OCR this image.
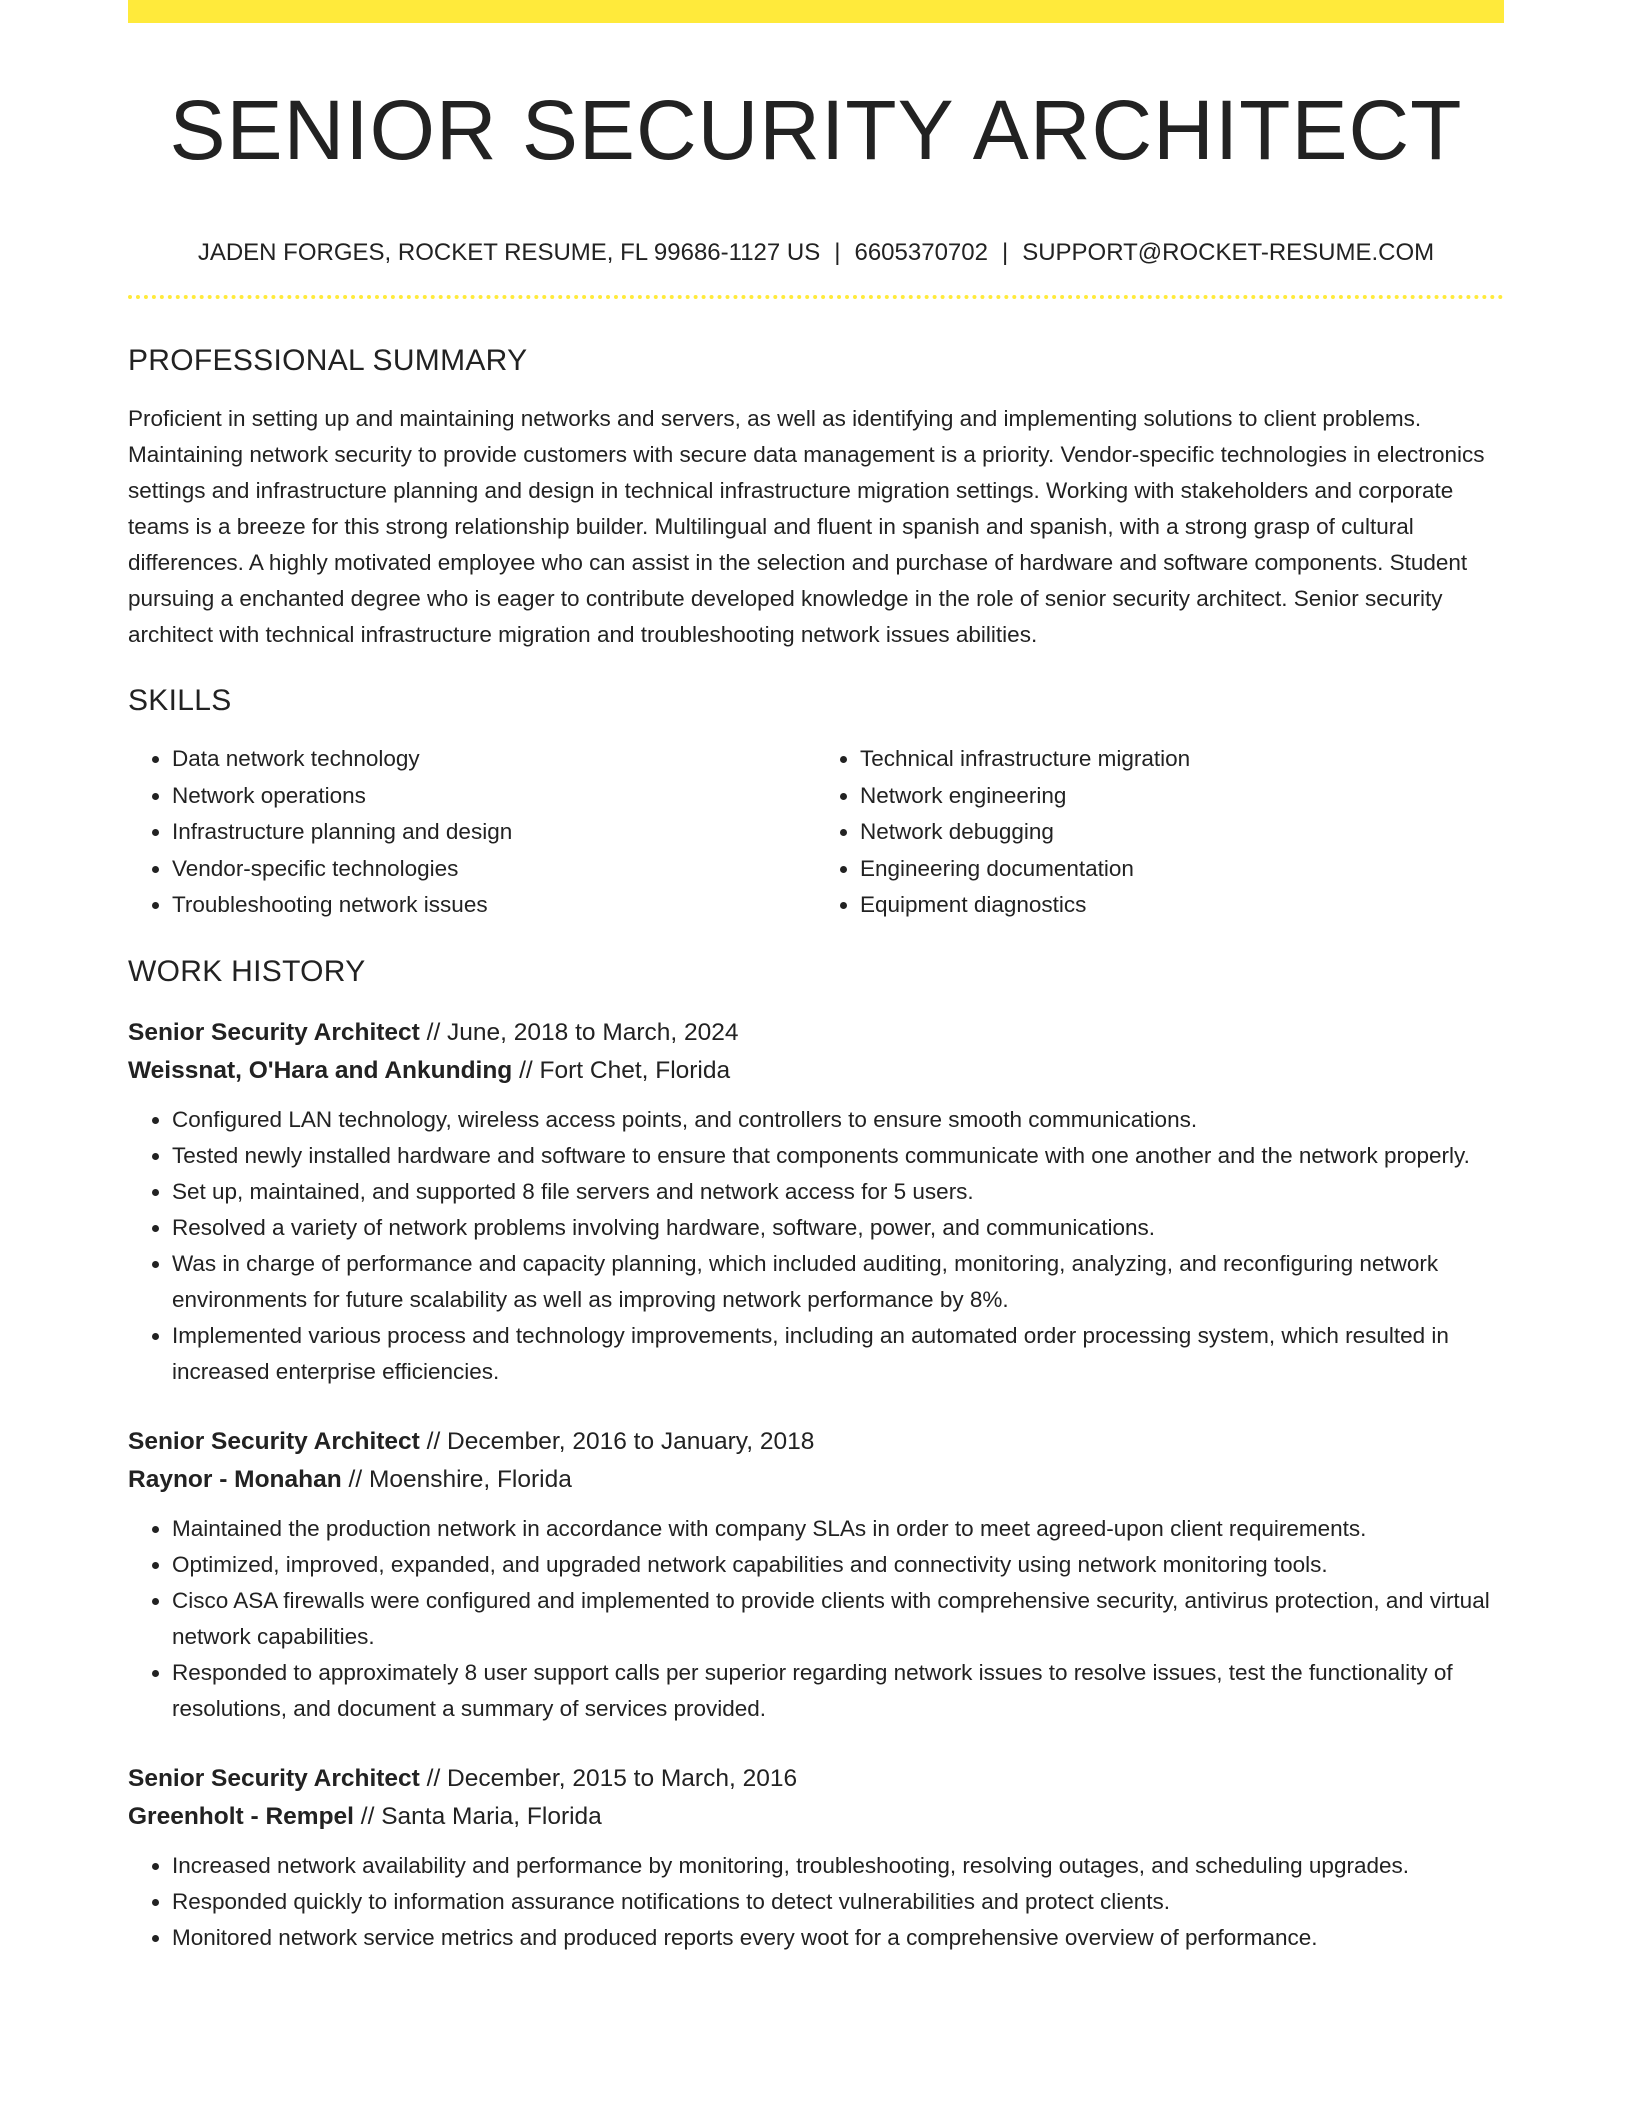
SENIOR SECURITY ARCHITECT
JADEN FORGES, ROCKET RESUME, FL 99686-1127 US | 6605370702 | SUPPORT@ROCKET-RESUME.COM
PROFESSIONAL SUMMARY
Proficient in setting up and maintaining networks and servers, as well as identifying and implementing solutions to client problems. Maintaining network security to provide customers with secure data management is a priority. Vendor-specific technologies in electronics settings and infrastructure planning and design in technical infrastructure migration settings. Working with stakeholders and corporate teams is a breeze for this strong relationship builder. Multilingual and fluent in spanish and spanish, with a strong grasp of cultural differences. A highly motivated employee who can assist in the selection and purchase of hardware and software components. Student pursuing a enchanted degree who is eager to contribute developed knowledge in the role of senior security architect. Senior security architect with technical infrastructure migration and troubleshooting network issues abilities.
SKILLS
• Data network technology
• Network operations
• Infrastructure planning and design
• Vendor-specific technologies
• Troubleshooting network issues
• Technical infrastructure migration
• Network engineering
• Network debugging
• Engineering documentation
• Equipment diagnostics
WORK HISTORY
Senior Security Architect // June, 2018 to March, 2024
Weissnat, O'Hara and Ankunding // Fort Chet, Florida
• Configured LAN technology, wireless access points, and controllers to ensure smooth communications.
• Tested newly installed hardware and software to ensure that components communicate with one another and the network properly.
• Set up, maintained, and supported 8 file servers and network access for 5 users.
• Resolved a variety of network problems involving hardware, software, power, and communications.
• Was in charge of performance and capacity planning, which included auditing, monitoring, analyzing, and reconfiguring network environments for future scalability as well as improving network performance by 8%.
• Implemented various process and technology improvements, including an automated order processing system, which resulted in increased enterprise efficiencies.
Senior Security Architect // December, 2016 to January, 2018
Raynor - Monahan // Moenshire, Florida
• Maintained the production network in accordance with company SLAs in order to meet agreed-upon client requirements.
• Optimized, improved, expanded, and upgraded network capabilities and connectivity using network monitoring tools.
• Cisco ASA firewalls were configured and implemented to provide clients with comprehensive security, antivirus protection, and virtual network capabilities.
• Responded to approximately 8 user support calls per superior regarding network issues to resolve issues, test the functionality of resolutions, and document a summary of services provided.
Senior Security Architect // December, 2015 to March, 2016
Greenholt - Rempel // Santa Maria, Florida
• Increased network availability and performance by monitoring, troubleshooting, resolving outages, and scheduling upgrades.
• Responded quickly to information assurance notifications to detect vulnerabilities and protect clients.
• Monitored network service metrics and produced reports every woot for a comprehensive overview of performance.
